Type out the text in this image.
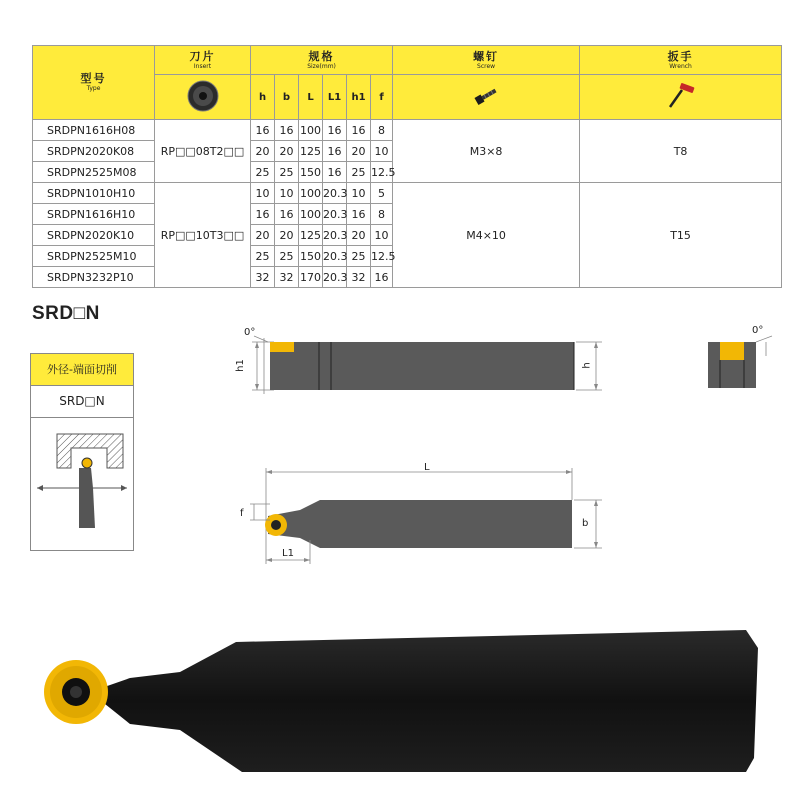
型号
Type	刀片
Insert	规格
Size(mm)						螺钉
Screw	扳手
Wrench

	h	b	L	L1	h1	f		

SRDPN1616H08	RP□□08T2□□	16	16	100	16	16	8	M3×8	T8
SRDPN2020K08		20	20	125	16	20	10		
SRDPN2525M08		25	25	150	16	25	12.5		
SRDPN1010H10	RP□□10T3□□	10	10	100	20.3	10	5	M4×10	T15
SRDPN1616H10		16	16	100	20.3	16	8		
SRDPN2020K10		20	20	125	20.3	20	10		
SRDPN2525M10		25	25	150	20.3	25	12.5		
SRDPN3232P10		32	32	170	20.3	32	16		
SRD□N
外径-端面切削
SRD□N
0°
h1	h
0°
L
L1
f
b
